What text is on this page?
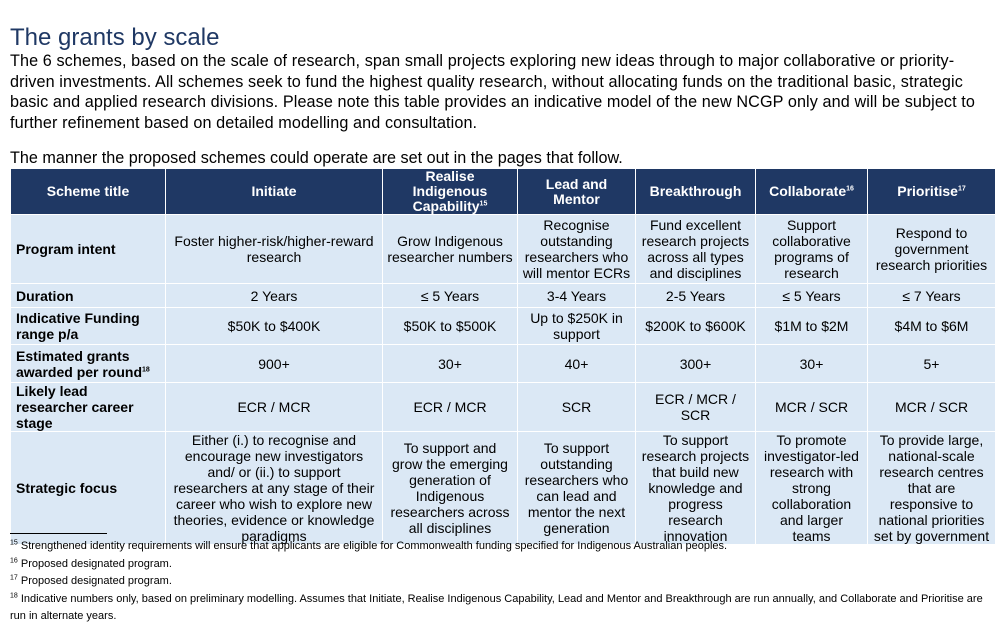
The grants by scale

The 6 schemes, based on the scale of research, span small projects exploring new ideas through to major collaborative or priority-driven investments. All schemes seek to fund the highest quality research, without allocating funds on the traditional basic, strategic basic and applied research divisions. Please note this table provides an indicative model of the new NCGP only and will be subject to further refinement based on detailed modelling and consultation.

The manner the proposed schemes could operate are set out in the pages that follow.

Scheme title	Initiate	Realise Indigenous Capability$^{15}$	Lead and Mentor	Breakthrough	Collaborate$^{16}$	Prioritise$^{17}$
Program intent	Foster higher-risk/higher-reward research	Grow Indigenous researcher numbers	Recognise outstanding researchers who will mentor ECRs	Fund excellent research projects across all types and disciplines	Support collaborative programs of research	Respond to government research priorities
Duration	2 Years	≤ 5 Years	3-4 Years	2-5 Years	≤ 5 Years	≤ 7 Years
Indicative Funding range p/a	$50K to $400K	$50K to $500K	Up to $250K in support	$200K to $600K	$1M to $2M	$4M to $6M
Estimated grants awarded per round$^{18}$	900+	30+	40+	300+	30+	5+
Likely lead researcher career stage	ECR / MCR	ECR / MCR	SCR	ECR / MCR / SCR	MCR / SCR	MCR / SCR
Strategic focus	Either (i.) to recognise and encourage new investigators and/ or (ii.) to support researchers at any stage of their career who wish to explore new theories, evidence or knowledge paradigms	To support and grow the emerging generation of Indigenous researchers across all disciplines	To support outstanding researchers who can lead and mentor the next generation	To support research projects that build new knowledge and progress research innovation	To promote investigator-led research with strong collaboration and larger teams	To provide large, national-scale research centres that are responsive to national priorities set by government

$^{15}$ Strengthened identity requirements will ensure that applicants are eligible for Commonwealth funding specified for Indigenous Australian peoples.

$^{16}$ Proposed designated program.

$^{17}$ Proposed designated program.

$^{18}$ Indicative numbers only, based on preliminary modelling. Assumes that Initiate, Realise Indigenous Capability, Lead and Mentor and Breakthrough are run annually, and Collaborate and Prioritise are run in alternate years.
